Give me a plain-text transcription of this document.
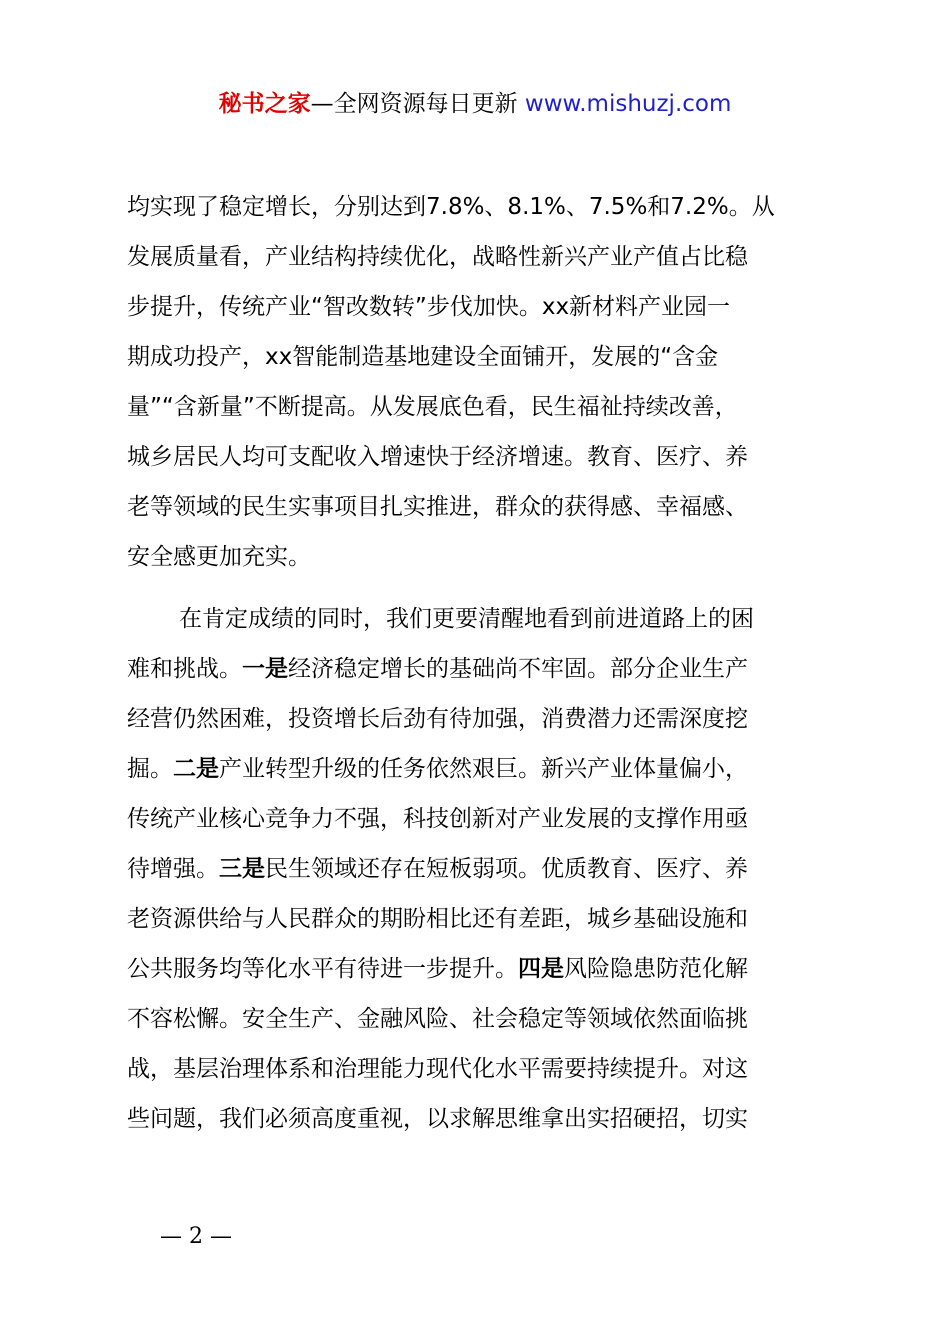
秘书之家—全网资源每日更新 www.mishuzj.com
均实现了稳定增长，分别达到7.8%、8.1%、7.5%和7.2%。从
发展质量看，产业结构持续优化，战略性新兴产业产值占比稳
步提升，传统产业“智改数转”步伐加快。xx新材料产业园一
期成功投产，xx智能制造基地建设全面铺开，发展的“含金
量”“含新量”不断提高。从发展底色看，民生福祉持续改善，
城乡居民人均可支配收入增速快于经济增速。教育、医疗、养
老等领域的民生实事项目扎实推进，群众的获得感、幸福感、
安全感更加充实。
在肯定成绩的同时，我们更要清醒地看到前进道路上的困
难和挑战。一是经济稳定增长的基础尚不牢固。部分企业生产
经营仍然困难，投资增长后劲有待加强，消费潜力还需深度挖
掘。二是产业转型升级的任务依然艰巨。新兴产业体量偏小，
传统产业核心竞争力不强，科技创新对产业发展的支撑作用亟
待增强。三是民生领域还存在短板弱项。优质教育、医疗、养
老资源供给与人民群众的期盼相比还有差距，城乡基础设施和
公共服务均等化水平有待进一步提升。四是风险隐患防范化解
不容松懈。安全生产、金融风险、社会稳定等领域依然面临挑
战，基层治理体系和治理能力现代化水平需要持续提升。对这
些问题，我们必须高度重视，以求解思维拿出实招硬招，切实
— 2 —
